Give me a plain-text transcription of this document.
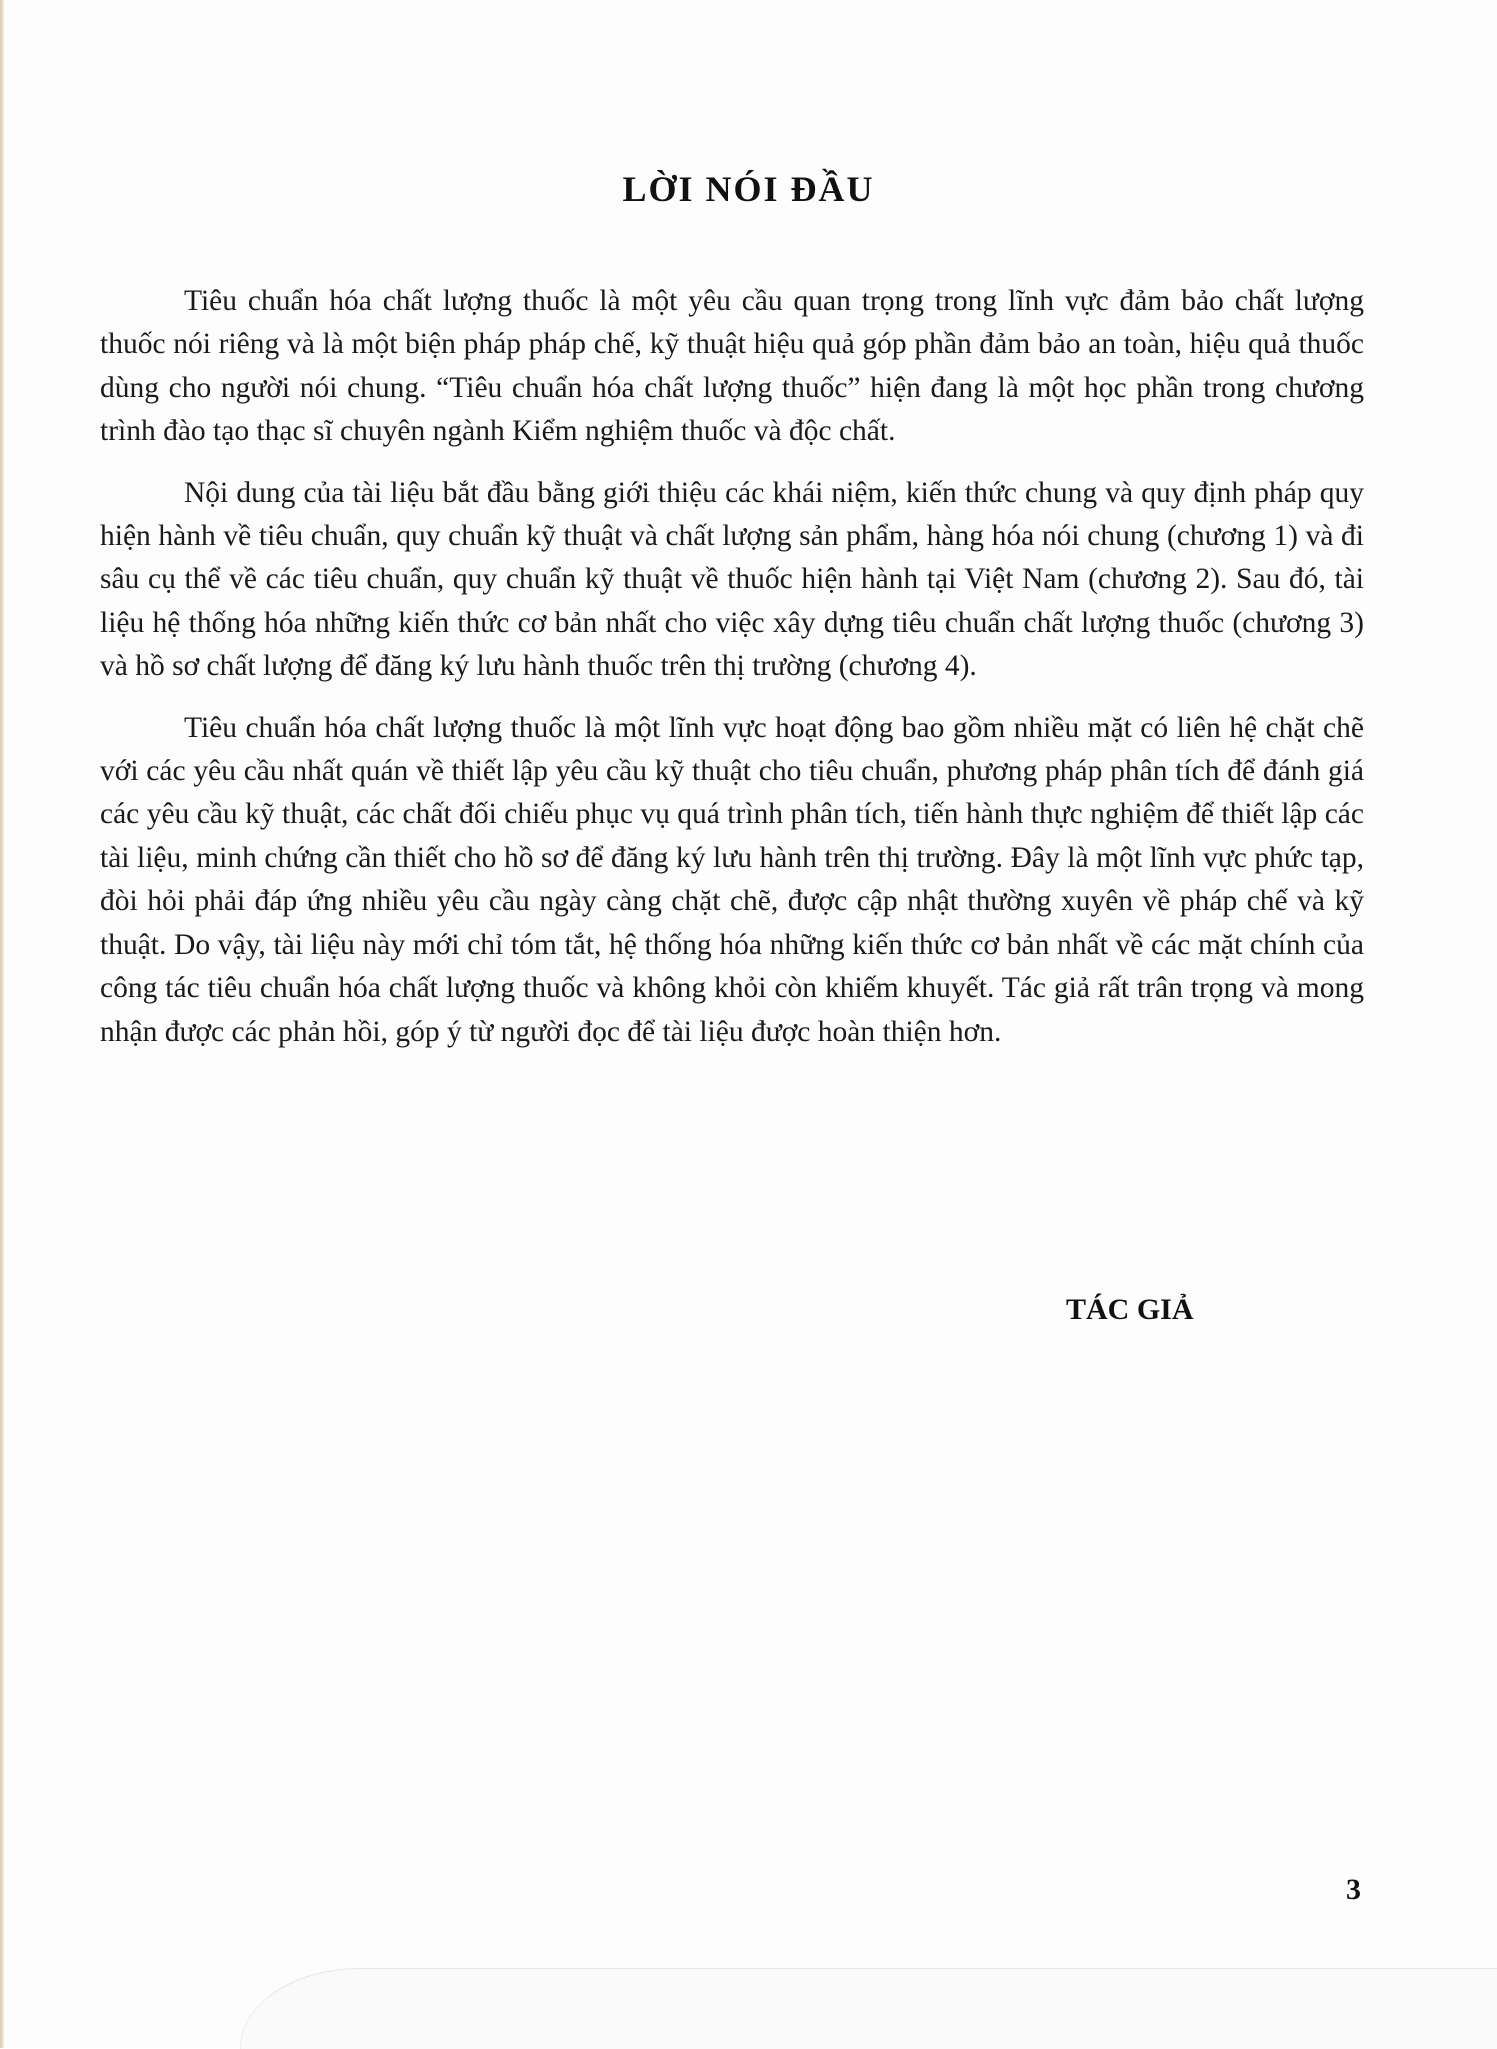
LỜI NÓI ĐẦU

Tiêu chuẩn hóa chất lượng thuốc là một yêu cầu quan trọng trong lĩnh vực đảm bảo chất lượng thuốc nói riêng và là một biện pháp pháp chế, kỹ thuật hiệu quả góp phần đảm bảo an toàn, hiệu quả thuốc dùng cho người nói chung. “Tiêu chuẩn hóa chất lượng thuốc” hiện đang là một học phần trong chương trình đào tạo thạc sĩ chuyên ngành Kiểm nghiệm thuốc và độc chất.

Nội dung của tài liệu bắt đầu bằng giới thiệu các khái niệm, kiến thức chung và quy định pháp quy hiện hành về tiêu chuẩn, quy chuẩn kỹ thuật và chất lượng sản phẩm, hàng hóa nói chung (chương 1) và đi sâu cụ thể về các tiêu chuẩn, quy chuẩn kỹ thuật về thuốc hiện hành tại Việt Nam (chương 2). Sau đó, tài liệu hệ thống hóa những kiến thức cơ bản nhất cho việc xây dựng tiêu chuẩn chất lượng thuốc (chương 3) và hồ sơ chất lượng để đăng ký lưu hành thuốc trên thị trường (chương 4).

Tiêu chuẩn hóa chất lượng thuốc là một lĩnh vực hoạt động bao gồm nhiều mặt có liên hệ chặt chẽ với các yêu cầu nhất quán về thiết lập yêu cầu kỹ thuật cho tiêu chuẩn, phương pháp phân tích để đánh giá các yêu cầu kỹ thuật, các chất đối chiếu phục vụ quá trình phân tích, tiến hành thực nghiệm để thiết lập các tài liệu, minh chứng cần thiết cho hồ sơ để đăng ký lưu hành trên thị trường. Đây là một lĩnh vực phức tạp, đòi hỏi phải đáp ứng nhiều yêu cầu ngày càng chặt chẽ, được cập nhật thường xuyên về pháp chế và kỹ thuật. Do vậy, tài liệu này mới chỉ tóm tắt, hệ thống hóa những kiến thức cơ bản nhất về các mặt chính của công tác tiêu chuẩn hóa chất lượng thuốc và không khỏi còn khiếm khuyết. Tác giả rất trân trọng và mong nhận được các phản hồi, góp ý từ người đọc để tài liệu được hoàn thiện hơn.

TÁC GIẢ

3
